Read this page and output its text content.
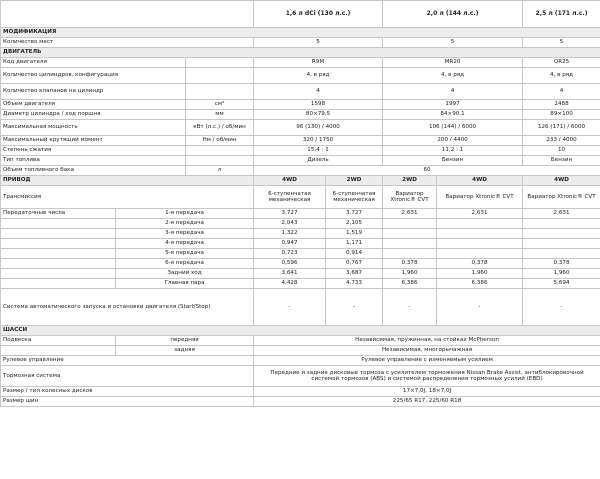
			1,6 л dCi (130 л.с.)		2,0 л (144 л.с.)		2,5 л (171 л.с.)
МОДИФИКАЦИЯ							
Количество мест			5		5		5
ДВИГАТЕЛЬ							
Код двигателя			R9M		MR20		QR25
Количество цилиндров, конфигурация			4, в ряд		4, в ряд		4, в ряд
Количество клапанов на цилиндр			4		4		4
Объем двигателя		см³	1598		1997		2488
Диаметр цилиндра / ход поршня		мм	80×79,5		84×90,1		89×100
Максимальная мощность		кВт (л.с.) / об/мин	96 (130) / 4000		106 (144) / 6000		126 (171) / 6000
Максимальный крутящий момент		Нм / об/мин	320 / 1750		200 / 4400		233 / 4000
Степень сжатия			15,4 : 1		11,2 : 1		10
Тип топлива			Дизель		Бензин		Бензин
Объем топливного бака		л	60				
ПРИВОД			4WD	2WD	2WD	4WD	4WD
Трансмиссия			6-ступенчатая механическая	6-ступенчатая механическая	Вариатор Xtronic® CVT	Вариатор Xtronic® CVT	Вариатор Xtronic® CVT
Передаточные числа	1-я передача		3,727	3,727	2,631	2,631	2,631
	2-я передача		2,043	2,105			
	3-я передача		1,322	1,519			
	4-я передача		0,947	1,171			
	5-я передача		0,723	0,914			
	6-я передача		0,596	0,767	0,378	0,378	0,378
	Задний ход		3,641	3,687	1,960	1,960	1,960
	Главная пара		4,428	4,733	6,386	6,386	5,694
Система автоматического запуска и остановки двигателя (Start/Stop)			-	-	-	-	-
ШАССИ							
Подвеска	передняя		Независимая, пружинная, на стойках McPherson				
	задняя		Независимая, многорычажная				
Рулевое управление			Рулевое управление с изменяемым усилием				
Тормозная система			Передние и задние дисковые тормоза с усилителем торможения Nissan Brake Assist, антиблокировочной системой тормозов (ABS) и системой распределения тормозных усилий (EBD)				
Размер / тип колесных дисков			17×7,0J, 18×7,0J				
Размер шин			225/65 R17, 225/60 R18				
